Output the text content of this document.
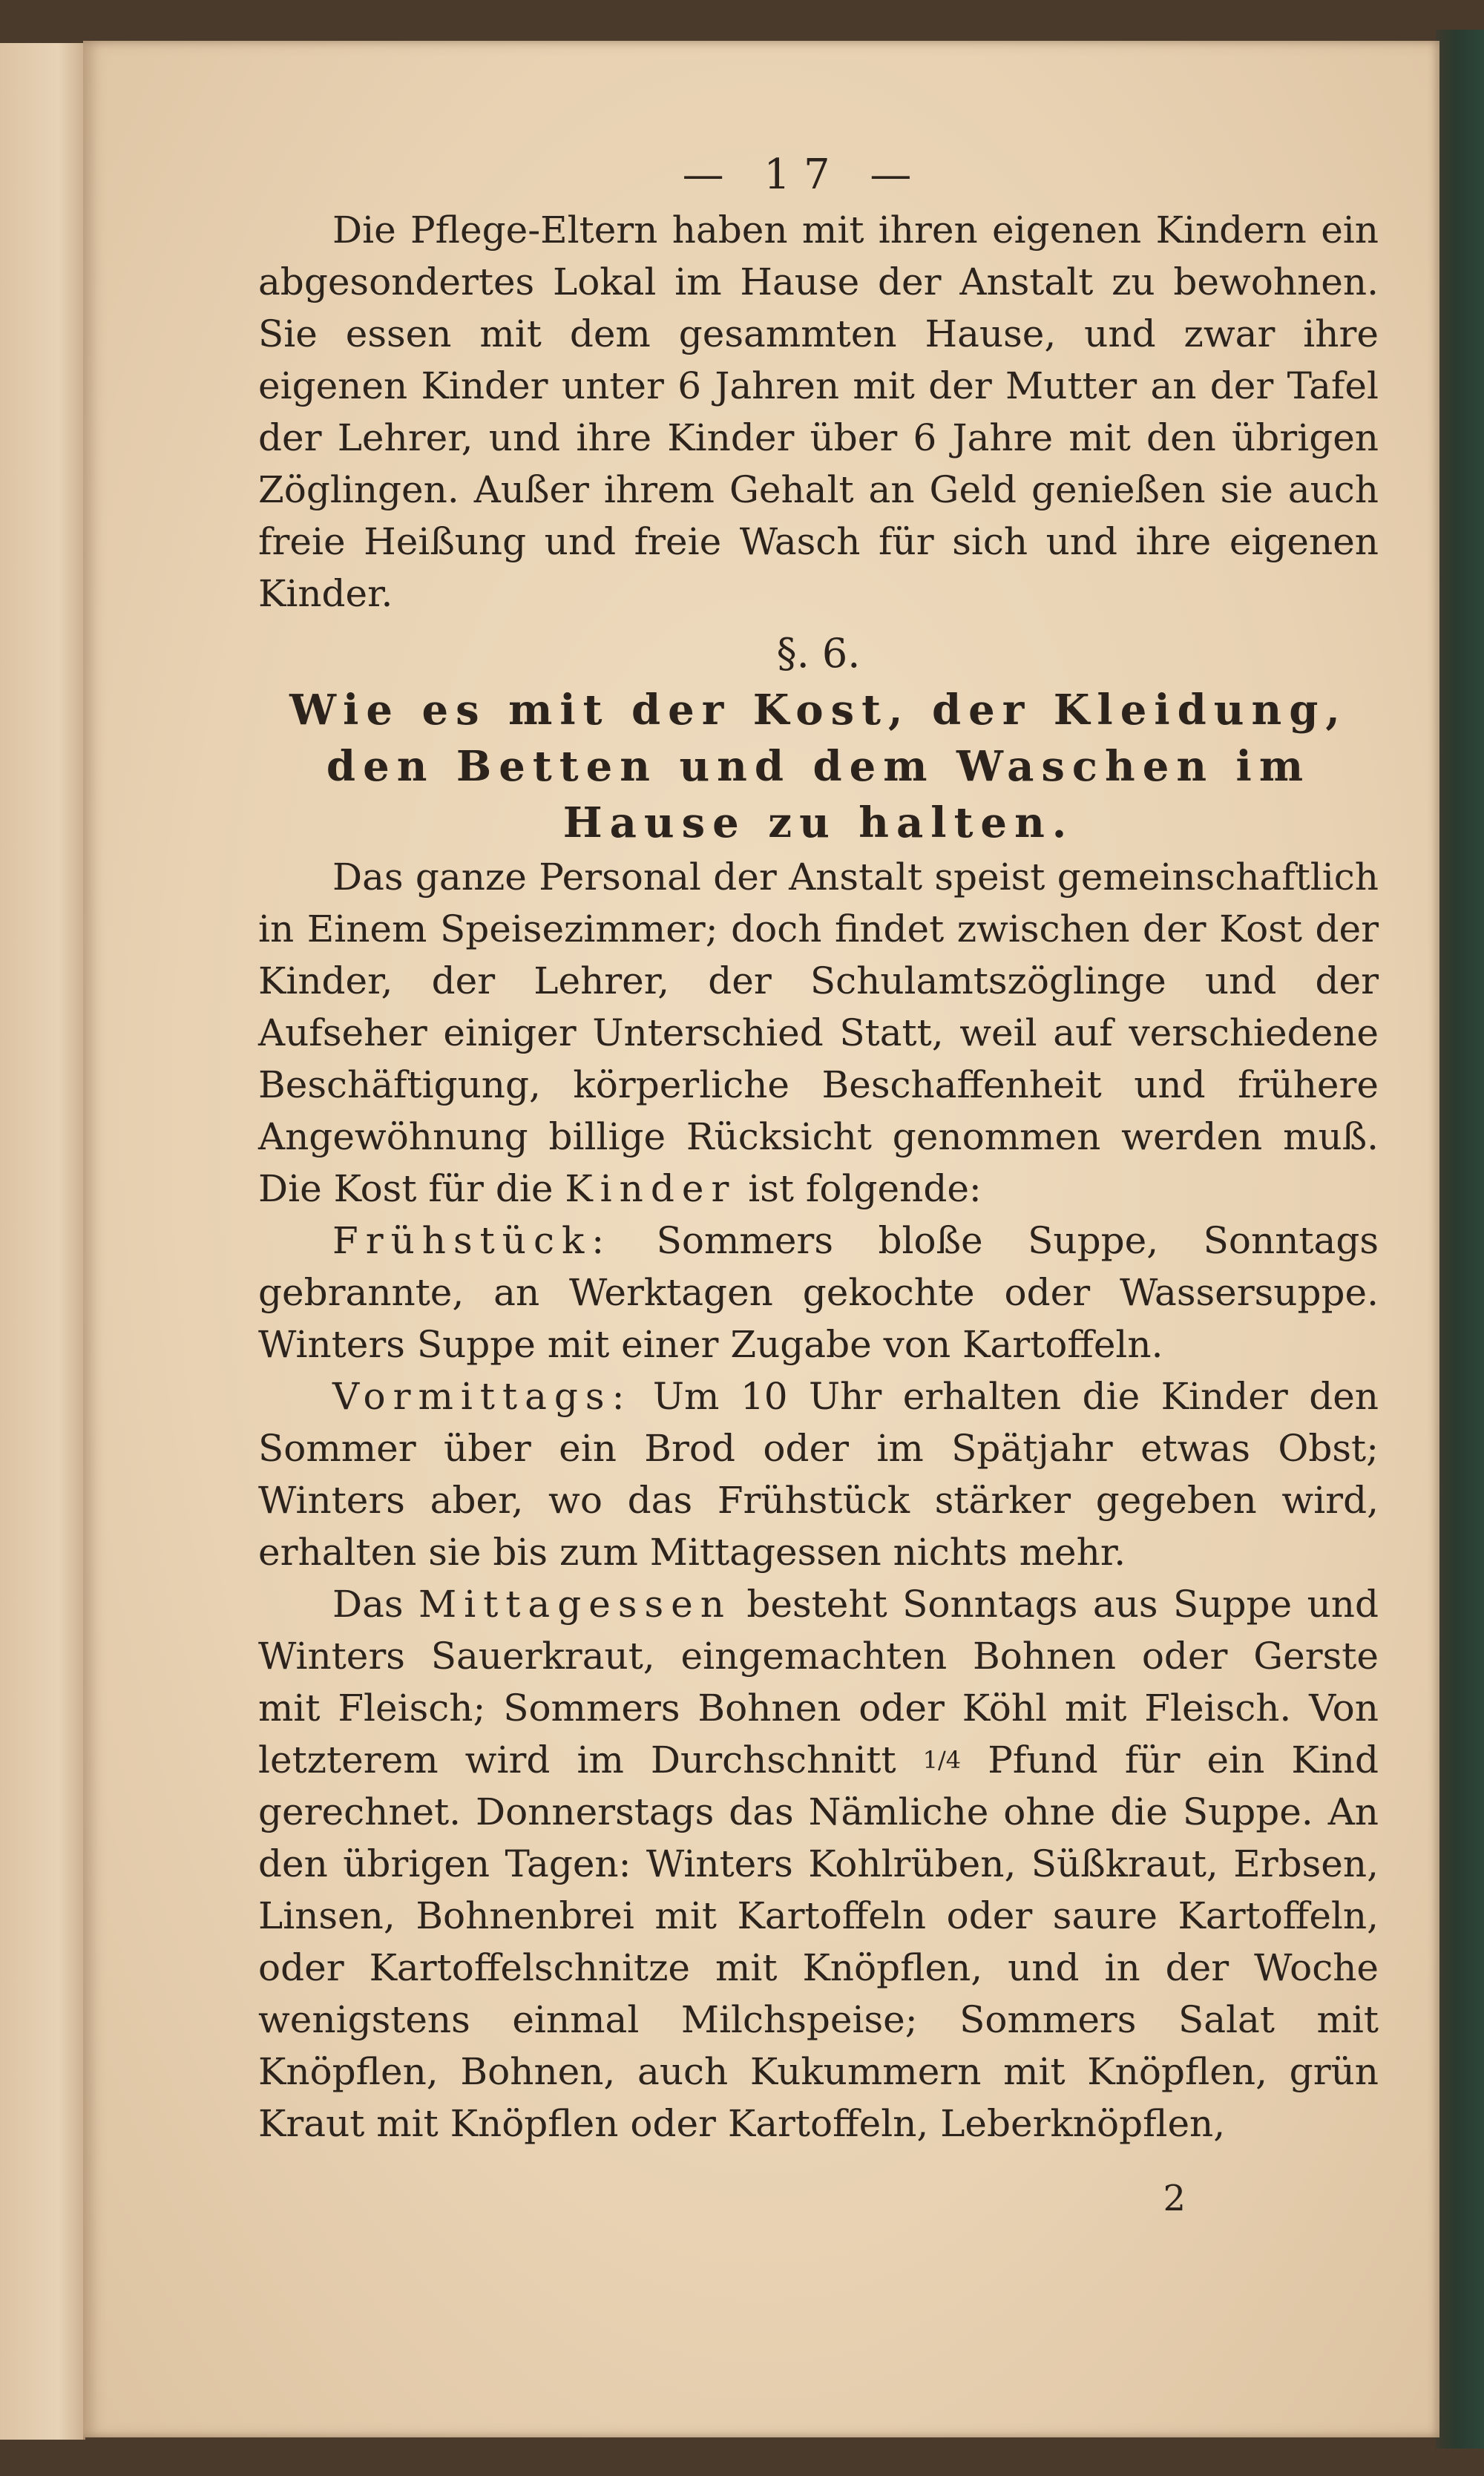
— 17 —

Die Pflege-Eltern haben mit ihren eigenen Kindern ein abgesondertes Lokal im Hause der Anstalt zu bewohnen. Sie essen mit dem gesammten Hause, und zwar ihre eigenen Kinder unter 6 Jahren mit der Mutter an der Tafel der Lehrer, und ihre Kinder über 6 Jahre mit den übrigen Zöglingen. Außer ihrem Gehalt an Geld genießen sie auch freie Heißung und freie Wasch für sich und ihre eigenen Kinder.

§. 6.

Wie es mit der Kost, der Kleidung, den Betten und dem Waschen im Hause zu halten.

Das ganze Personal der Anstalt speist gemeinschaftlich in Einem Speisezimmer; doch findet zwischen der Kost der Kinder, der Lehrer, der Schulamtszöglinge und der Aufseher einiger Unterschied Statt, weil auf verschiedene Beschäftigung, körperliche Beschaffenheit und frühere Angewöhnung billige Rücksicht genommen werden muß. Die Kost für die Kinder ist folgende:

Frühstück: Sommers bloße Suppe, Sonntags gebrannte, an Werktagen gekochte oder Wassersuppe. Winters Suppe mit einer Zugabe von Kartoffeln.

Vormittags: Um 10 Uhr erhalten die Kinder den Sommer über ein Brod oder im Spätjahr etwas Obst; Winters aber, wo das Frühstück stärker gegeben wird, erhalten sie bis zum Mittagessen nichts mehr.

Das Mittagessen besteht Sonntags aus Suppe und Winters Sauerkraut, eingemachten Bohnen oder Gerste mit Fleisch; Sommers Bohnen oder Köhl mit Fleisch. Von letzterem wird im Durchschnitt 1/4 Pfund für ein Kind gerechnet. Donnerstags das Nämliche ohne die Suppe. An den übrigen Tagen: Winters Kohlrüben, Süßkraut, Erbsen, Linsen, Bohnenbrei mit Kartoffeln oder saure Kartoffeln, oder Kartoffelschnitze mit Knöpflen, und in der Woche wenigstens einmal Milchspeise; Sommers Salat mit Knöpflen, Bohnen, auch Kukummern mit Knöpflen, grün Kraut mit Knöpflen oder Kartoffeln, Leberknöpflen,

2
